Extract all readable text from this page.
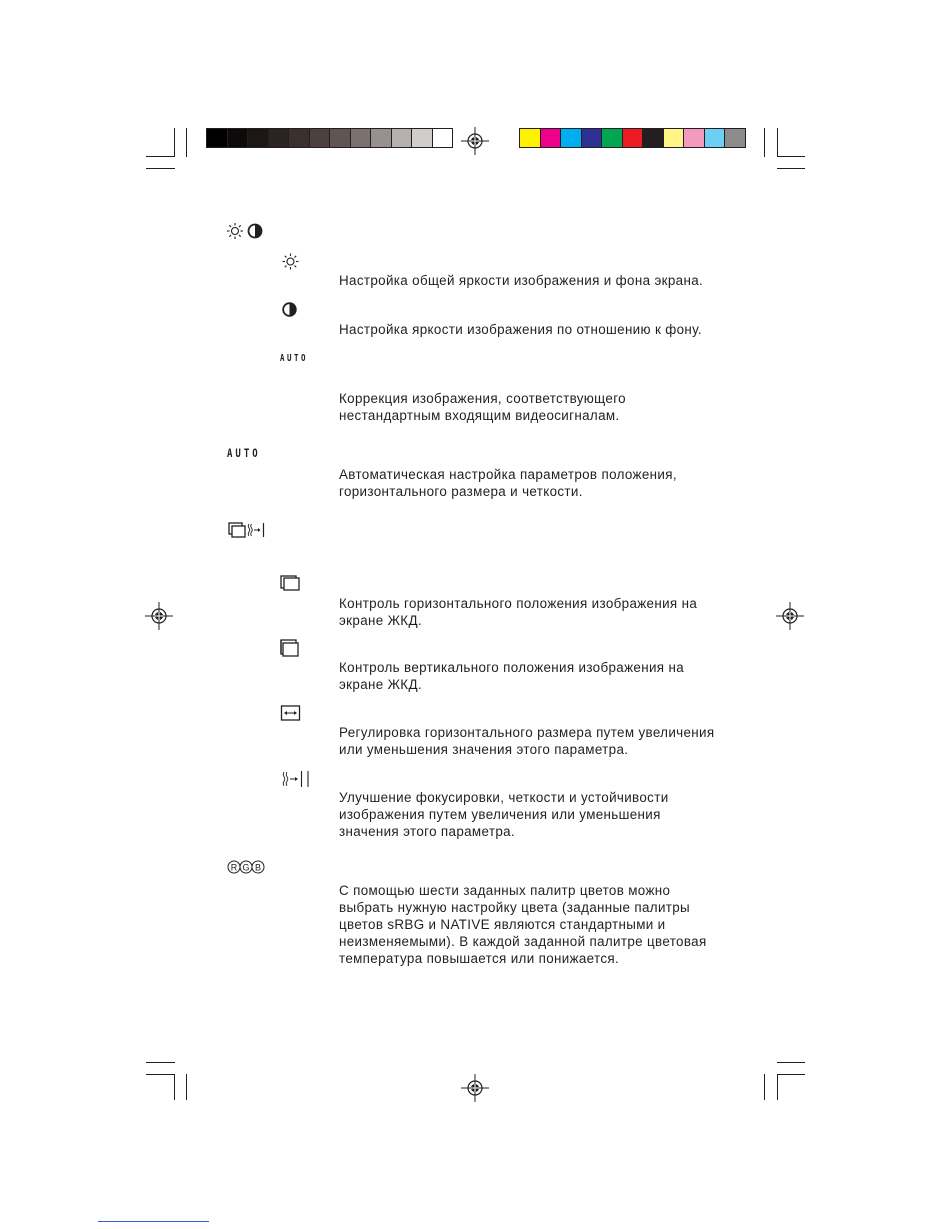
Настройка общей яркости изображения и фона экрана.
Настройка яркости изображения по отношению к фону.
AUTO
Коррекция изображения, соответствующего
нестандартным входящим видеосигналам.
AUTO
Автоматическая настройка параметров положения,
горизонтального размера и четкости.
Контроль горизонтального положения изображения на
экране ЖКД.
Контроль вертикального положения изображения на
экране ЖКД.
Регулировка горизонтального размера путем увеличения
или уменьшения значения этого параметра.
Улучшение фокусировки, четкости и устойчивости
изображения путем увеличения или уменьшения
значения этого параметра.
R G B
С помощью шести заданных палитр цветов можно
выбрать нужную настройку цвета (заданные палитры
цветов sRBG и NATIVE являются стандартными и
неизменяемыми). В каждой заданной палитре цветовая
температура повышается или понижается.
